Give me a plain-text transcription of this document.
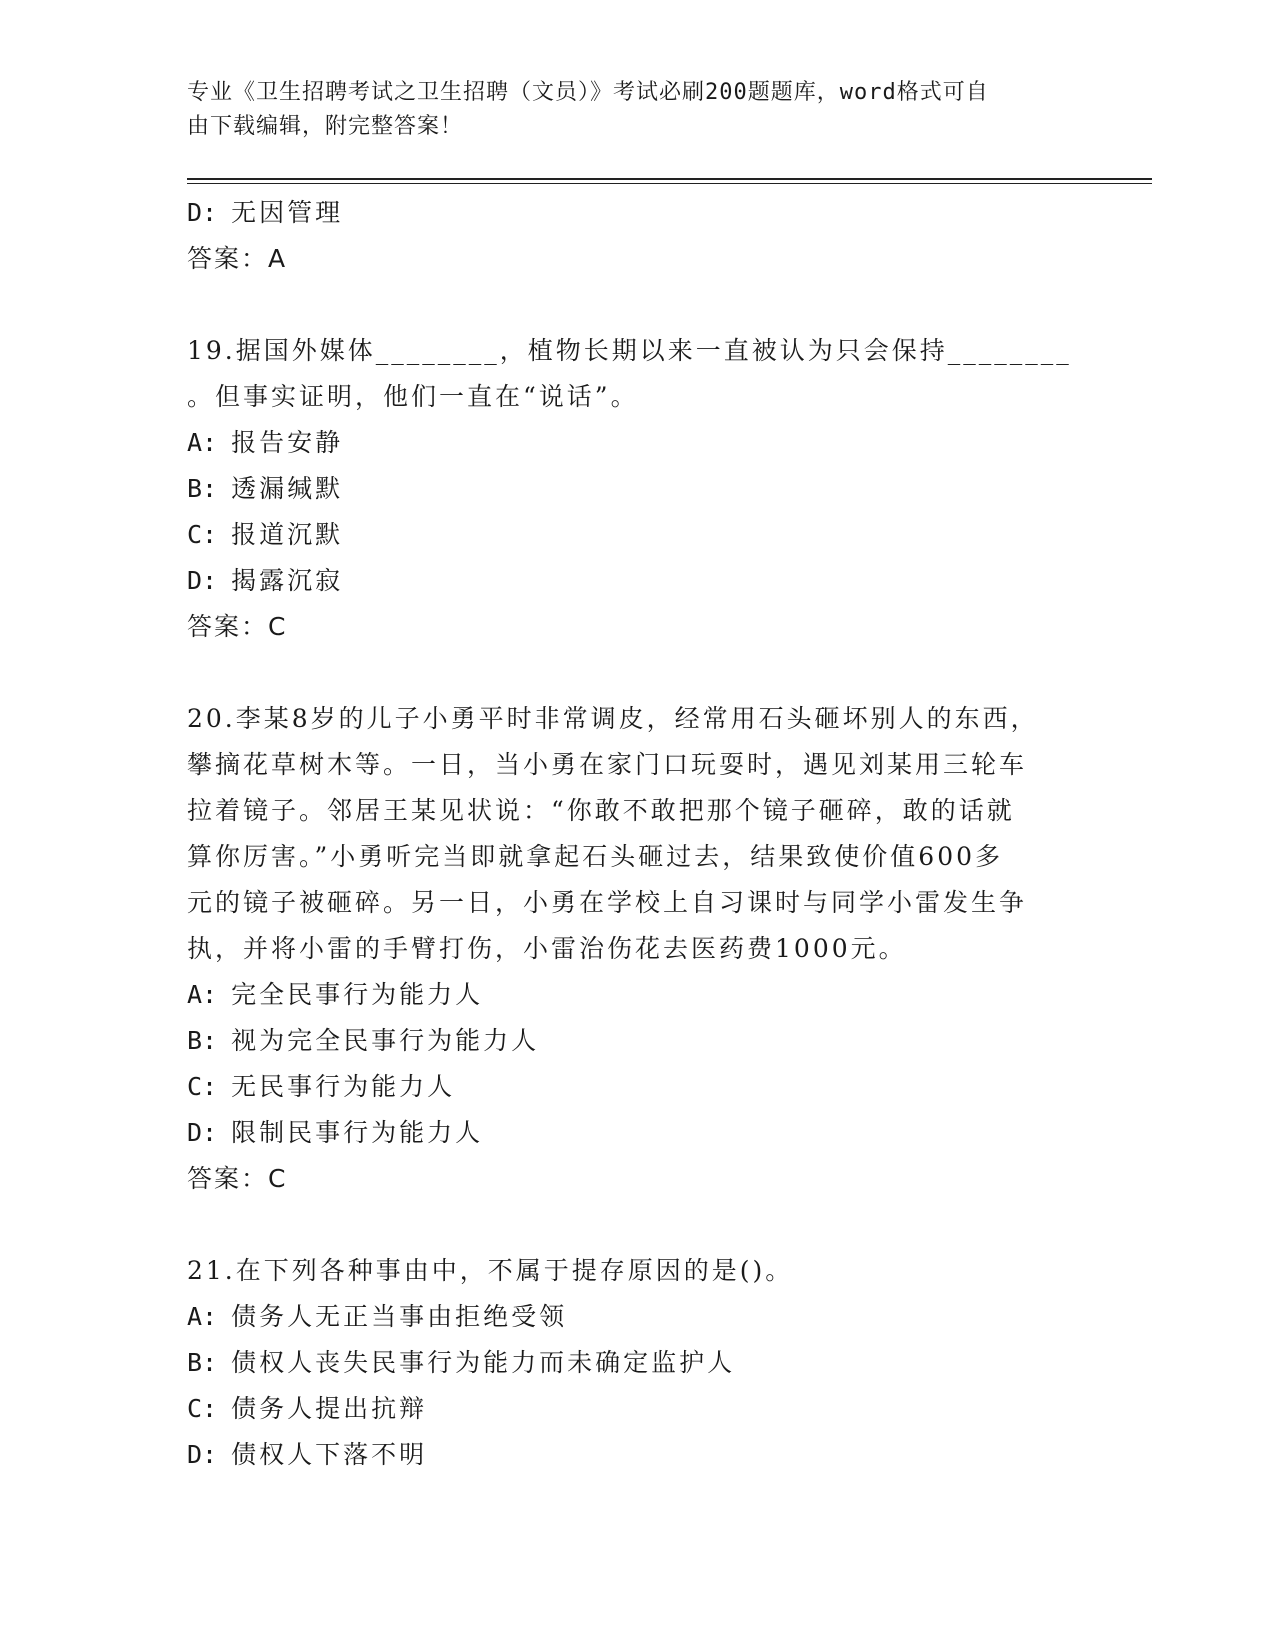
专业《卫生招聘考试之卫生招聘（文员）》考试必刷200题题库，word格式可自
由下载编辑，附完整答案！
D: 无因管理
答案：A
19.据国外媒体________，植物长期以来一直被认为只会保持________
。但事实证明，他们一直在“说话”。
A: 报告安静
B: 透漏缄默
C: 报道沉默
D: 揭露沉寂
答案：C
20.李某8岁的儿子小勇平时非常调皮，经常用石头砸坏别人的东西，
攀摘花草树木等。一日，当小勇在家门口玩耍时，遇见刘某用三轮车
拉着镜子。邻居王某见状说：“你敢不敢把那个镜子砸碎，敢的话就
算你厉害。”小勇听完当即就拿起石头砸过去，结果致使价值600多
元的镜子被砸碎。另一日，小勇在学校上自习课时与同学小雷发生争
执，并将小雷的手臂打伤，小雷治伤花去医药费1000元。
A: 完全民事行为能力人
B: 视为完全民事行为能力人
C: 无民事行为能力人
D: 限制民事行为能力人
答案：C
21.在下列各种事由中，不属于提存原因的是()。
A: 债务人无正当事由拒绝受领
B: 债权人丧失民事行为能力而未确定监护人
C: 债务人提出抗辩
D: 债权人下落不明
